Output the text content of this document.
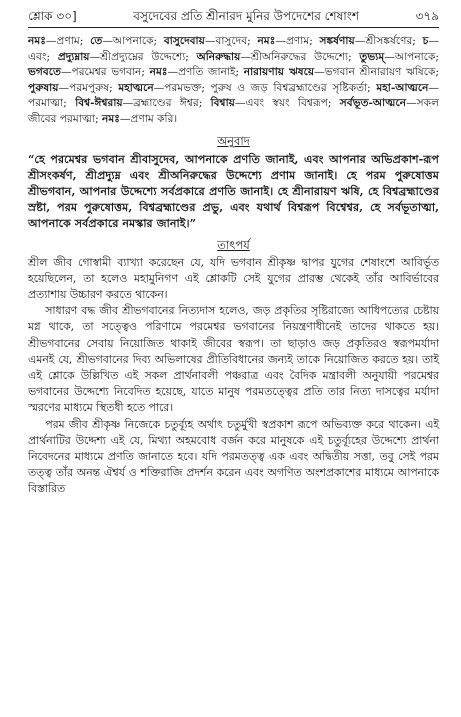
শ্লোক ৩০]	বসুদেবের প্রতি শ্রীনারদ মুনির উপদেশের শেষাংশ	৩৭৯

নমঃ—প্রণাম; তে—আপনাকে; বাসুদেবায়—বাসুদেব; নমঃ—প্রণাম; সঙ্কর্ষণায়—শ্রীসঙ্কর্ষণের; চ—এবং; প্রদ্যুম্নায়—শ্রীপ্রদ্যুম্নের উদ্দেশ্যে; অনিরুদ্ধায়—শ্রীঅনিরুদ্ধের উদ্দেশ্যে; তুভ্যম্—আপনাকে; ভগবতে—পরমেশ্বর ভগবান; নমঃ—প্রণতি জানাই; নারায়ণায় ঋষয়ে—ভগবান শ্রীনারায়ণ ঋষিকে; পুরুষায়—পরমপুরুষ; মহাত্মনে—পরমভক্ত; পুরুষ ও জড় বিশ্বব্রহ্মাণ্ডের সৃষ্টিকর্তা; মহা-আত্মনে—পরমাত্মা; বিশ্ব-ঈশ্বরায়—ব্রহ্মাণ্ডের ঈশ্বর; বিশ্বায়—এবং স্বয়ং বিশ্বরূপ; সর্বভূত-আত্মনে—সকল জীবের পরমাত্মা; নমঃ—প্রণাম করি।

অনুবাদ

“হে পরমেশ্বর ভগবান শ্রীবাসুদেব, আপনাকে প্রণতি জানাই, এবং আপনার অভিপ্রকাশ-রূপ শ্রীসংকর্ষণ, শ্রীপ্রদ্যুম্ন এবং শ্রীঅনিরুদ্ধের উদ্দেশ্যে প্রণাম জানাই। হে পরম পুরুষোত্তম শ্রীভগবান, আপনার উদ্দেশ্যে সর্বপ্রকারে প্রণতি জানাই। হে শ্রীনারায়ণ ঋষি, হে বিশ্বব্রহ্মাণ্ডের স্রষ্টা, পরম পুরুষোত্তম, বিশ্বব্রহ্মাণ্ডের প্রভু, এবং যথার্থ বিশ্বরূপ বিশ্বেশ্বর, হে সর্বভূতাত্মা, আপনাকে সর্বপ্রকারে নমস্কার জানাই।”

তাৎপর্য

শ্রীল জীব গোস্বামী ব্যাখ্যা করেছেন যে, যদি ভগবান শ্রীকৃষ্ণ দ্বাপর যুগের শেষাংশে আবির্ভূত হয়েছিলেন, তা হলেও মহামুনিগণ এই শ্লোকটি সেই যুগের প্রারম্ভ থেকেই তাঁর আবির্ভাবের প্রত্যাশায় উচ্চারণ করতে থাকেন।

সাধারণ বদ্ধ জীব শ্রীভগবানের নিত্যদাস হলেও, জড় প্রকৃতির সৃষ্টিরাজ্যে আধিপত্যের চেষ্টায় মগ্ন থাকে, তা সত্ত্বেও পরিণামে পরমেশ্বর ভগবানের নিয়ন্ত্রণাধীনেই তাদের থাকতে হয়। শ্রীভগবানের সেবায় নিয়োজিত থাকাই জীবের স্বরূপ। তা ছাড়াও জড় প্রকৃতিরও স্বরূপমর্যাদা এমনই যে, শ্রীভগবানের দিব্য অভিলাষের প্রীতিবিধানের জন্যই তাকে নিয়োজিত করতে হয়। তাই এই শ্লোকে উল্লিখিত এই সকল প্রার্থনাবলী পঞ্চরাত্র এবং বৈদিক মন্ত্রাবলী অনুযায়ী পরমেশ্বর ভগবানের উদ্দেশ্যে নিবেদিত হয়েছে, যাতে মানুষ পরমতত্ত্বের প্রতি তার নিত্য দাসত্বের মর্যাদা স্মরণের মাধ্যমে স্থিতধী হতে পারে।

পরম জীব শ্রীকৃষ্ণ নিজেকে চতুর্ব্যূহ অর্থাৎ চতুর্মুখী স্বপ্রকাশ রূপে অভিব্যক্ত করে থাকেন। এই প্রার্থনাটির উদ্দেশ্য এই যে, মিথ্যা অহমবোধ বর্জন করে মানুষকে এই চতুর্ব্যূহের উদ্দেশ্যে প্রার্থনা নিবেদনের মাধ্যমে প্রণতি জানাতে হবে। যদি পরমতত্ত্ব এক এবং অদ্বিতীয় সত্তা, তবু সেই পরম তত্ত্ব তাঁর অনন্ত ঐশ্বর্য ও শক্তিরাজি প্রদর্শন করেন এবং অগণিত অংশপ্রকাশের মাধ্যমে আপনাকে বিস্তারিত
